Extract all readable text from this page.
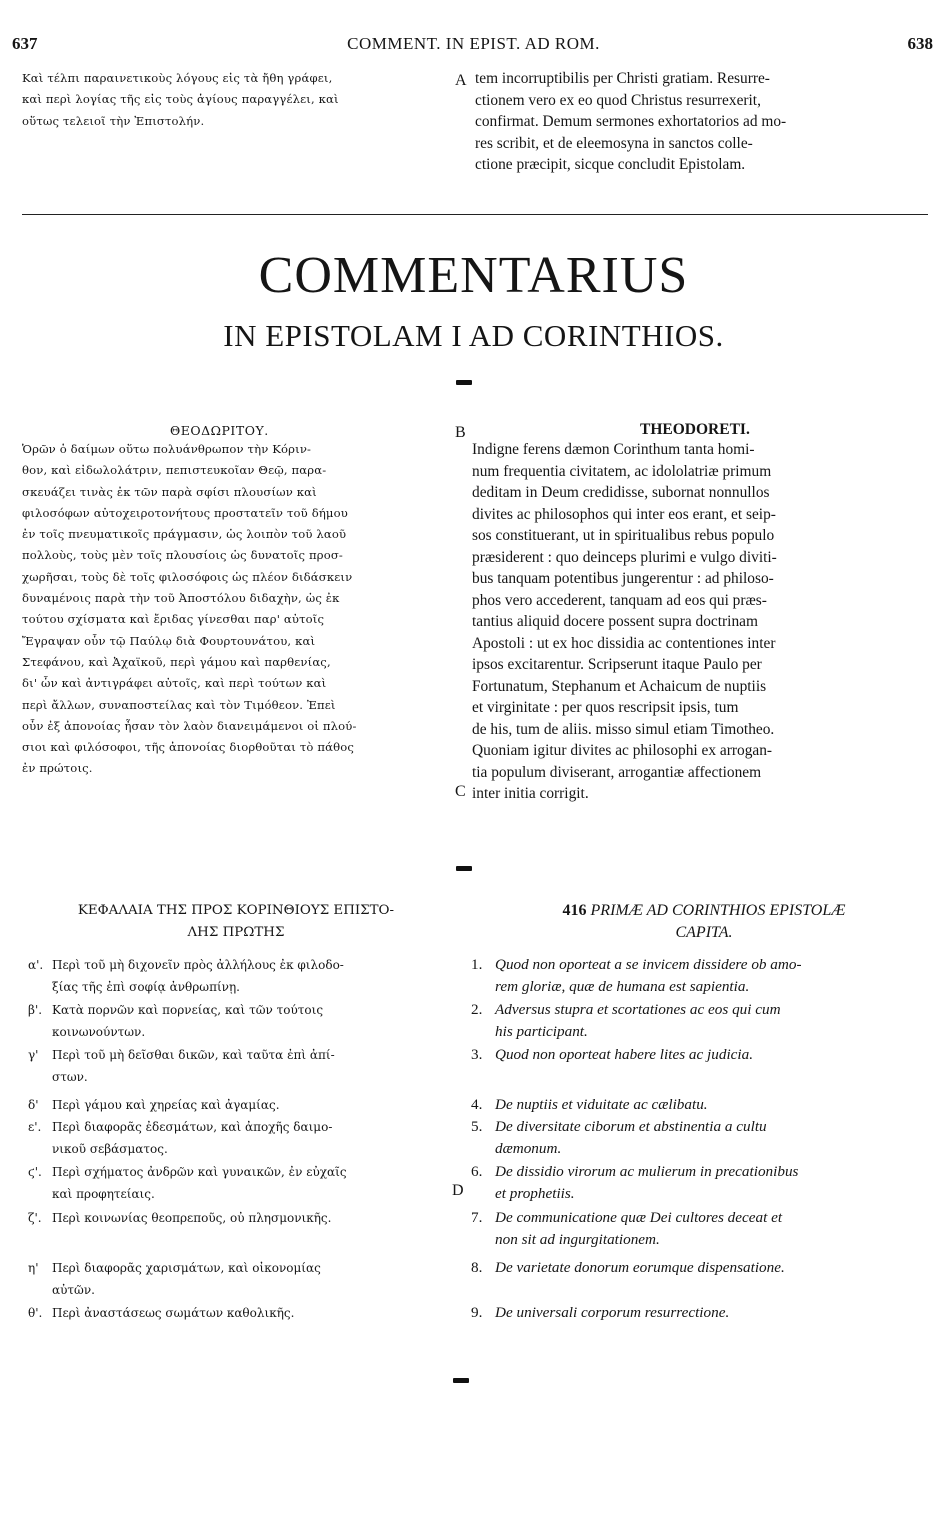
637	COMMENT. IN EPIST. AD ROM.	638
Καὶ τέλπι παραινετικοὺς λόγους εἰς τὰ ἤθη γράφει,
καὶ περὶ λογίας τῆς εἰς τοὺς ἁγίους παραγγέλει, καὶ
οὕτως τελειοῖ τὴν Ἐπιστολήν.
A tem incorruptibilis per Christi gratiam. Resurre-
ctionem vero ex eo quod Christus resurrexerit,
confirmat. Demum sermones exhortatorios ad mo-
res scribit, et de eleemosyna in sanctos colle-
ctione præcipit, sicque concludit Epistolam.
COMMENTARIUS
IN EPISTOLAM I AD CORINTHIOS.
ΘΕΟΔΩΡΙΤΟΥ.	B	THEODORETI.
Ὁρῶν ὁ δαίμων οὕτω πολυάνθρωπον τὴν Κόριν-
θον, καὶ εἰδωλολάτριν, πεπιστευκοῖαν Θεῷ, παρα-
σκευάζει τινὰς ἐκ τῶν παρὰ σφίσι πλουσίων καὶ
φιλοσόφων αὐτοχειροτονήτους προστατεῖν τοῦ δήμου
ἐν τοῖς πνευματικοῖς πράγμασιν, ὡς λοιπὸν τοῦ λαοῦ
πολλοὺς, τοὺς μὲν τοῖς πλουσίοις ὡς δυνατοῖς προσ-
χωρῆσαι, τοὺς δὲ τοῖς φιλοσόφοις ὡς πλέον διδάσκειν
δυναμένοις παρὰ τὴν τοῦ Ἀποστόλου διδαχὴν, ὡς ἐκ
τούτου σχίσματα καὶ ἔριδας γίνεσθαι παρ' αὐτοῖς
Ἔγραψαν οὖν τῷ Παύλῳ διὰ Φουρτουνάτου, καὶ
Στεφάνου, καὶ Ἀχαϊκοῦ, περὶ γάμου καὶ παρθενίας,
δι' ὧν καὶ ἀντιγράφει αὐτοῖς, καὶ περὶ τούτων καὶ
περὶ ἄλλων, συναποστείλας καὶ τὸν Τιμόθεον. Ἐπεὶ
οὖν ἐξ ἀπονοίας ἦσαν τὸν λαὸν διανειμάμενοι οἱ πλού-
σιοι καὶ φιλόσοφοι, τῆς ἀπονοίας διορθοῦται τὸ πάθος
ἐν πρώτοις.
C
Indigne ferens dæmon Corinthum tanta homi-
num frequentia civitatem, ac idololatriæ primum
deditam in Deum credidisse, subornat nonnullos
divites ac philosophos qui inter eos erant, et seip-
sos constituerant, ut in spiritualibus rebus populo
præsiderent : quo deinceps plurimi e vulgo diviti-
bus tanquam potentibus jungerentur : ad philoso-
phos vero accederent, tanquam ad eos qui præs-
tantius aliquid docere possent supra doctrinam
Apostoli : ut ex hoc dissidia ac contentiones inter
ipsos excitarentur. Scripserunt itaque Paulo per
Fortunatum, Stephanum et Achaicum de nuptiis
et virginitate : per quos rescripsit ipsis, tum
de his, tum de aliis. misso simul etiam Timotheo.
Quoniam igitur divites ac philosophi ex arrogan-
tia populum diviserant, arrogantiæ affectionem
inter initia corrigit.
ΚΕΦΑΛΑΙΑ ΤΗΣ ΠΡΟΣ ΚΟΡΙΝΘΙΟΥΣ ΕΠΙΣΤΟ-
ΛΗΣ ΠΡΩΤΗΣ
416 PRIMÆ AD CORINTHIOS EPISTOLÆ
CAPITA.
α'. Περὶ τοῦ μὴ διχονεῖν πρὸς ἀλλήλους ἐκ φιλοδο-
ξίας τῆς ἐπὶ σοφίᾳ ἀνθρωπίνῃ.
β'. Κατὰ πορνῶν καὶ πορνείας, καὶ τῶν τούτοις
κοινωνούντων.
γ' Περὶ τοῦ μὴ δεῖσθαι δικῶν, καὶ ταῦτα ἐπὶ ἀπί-
στων.
δ' Περὶ γάμου καὶ χηρείας καὶ ἀγαμίας.
ε'. Περὶ διαφορᾶς ἐδεσμάτων, καὶ ἀποχῆς δαιμο-
νικοῦ σεβάσματος.
ϛ'. Περὶ σχήματος ἀνδρῶν καὶ γυναικῶν, ἐν εὐχαῖς
καὶ προφητείαις.
ζ'. Περὶ κοινωνίας θεοπρεποῦς, οὐ πλησμονικῆς.
η' Περὶ διαφορᾶς χαρισμάτων, καὶ οἰκονομίας
αὐτῶν.
θ'. Περὶ ἀναστάσεως σωμάτων καθολικῆς.
D
1. Quod non oporteat a se invicem dissidere ob amo-
rem gloriæ, quæ de humana est sapientia.
2. Adversus stupra et scortationes ac eos qui cum
his participant.
3. Quod non oporteat habere lites ac judicia.
4. De nuptiis et viduitate ac cælibatu.
5. De diversitate ciborum et abstinentia a cultu
dæmonum.
6. De dissidio virorum ac mulierum in precationibus
et prophetiis.
7. De communicatione quæ Dei cultores deceat et
non sit ad ingurgitationem.
8. De varietate donorum eorumque dispensatione.
9. De universali corporum resurrectione.
